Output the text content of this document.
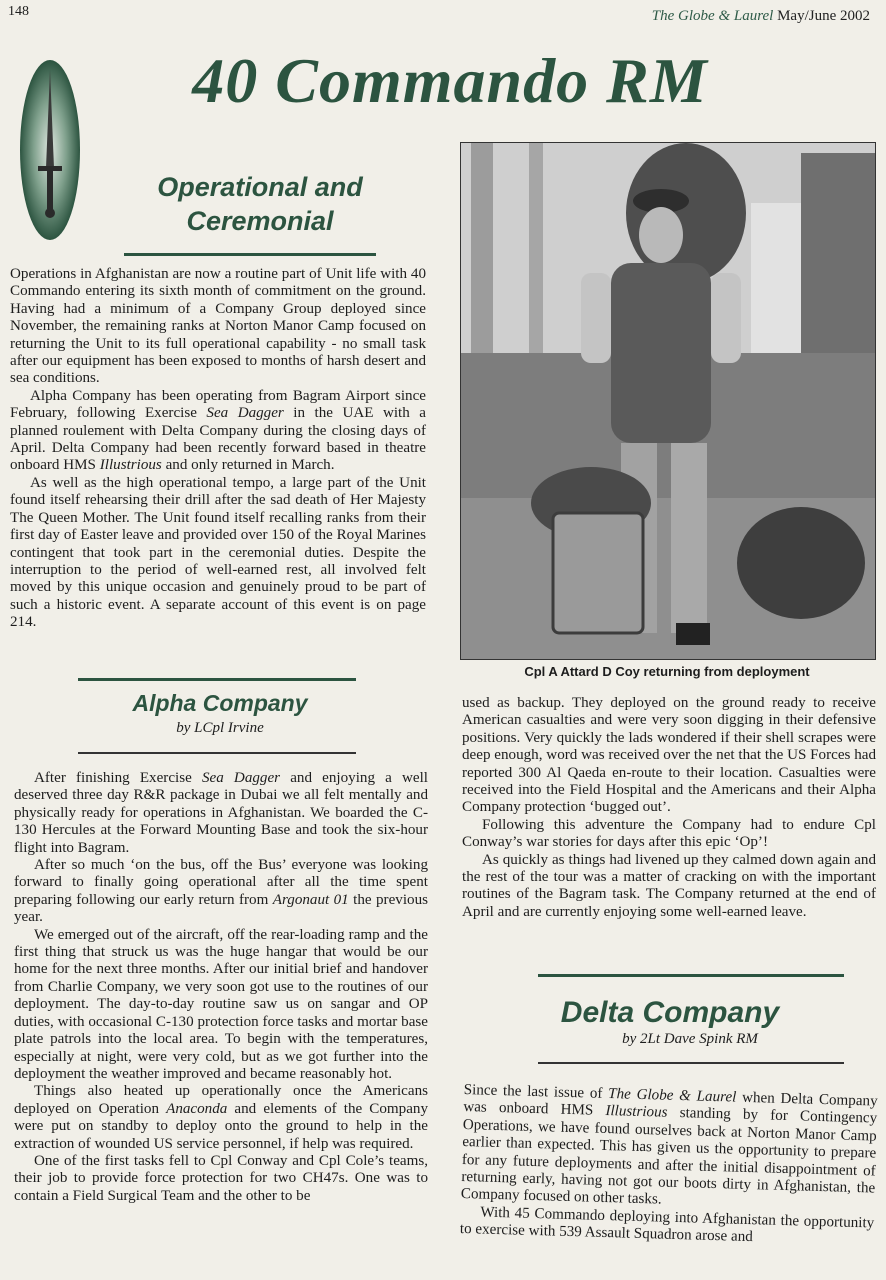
148	The Globe & Laurel May/June 2002
40 Commando RM
Operational and
Ceremonial

Operations in Afghanistan are now a routine part of Unit life with 40 Commando entering its sixth month of commitment on the ground. Having had a minimum of a Company Group deployed since November, the remaining ranks at Norton Manor Camp focused on returning the Unit to its full operational capability - no small task after our equipment has been exposed to months of harsh desert and sea conditions.

Alpha Company has been operating from Bagram Airport since February, following Exercise Sea Dagger in the UAE with a planned roulement with Delta Company during the closing days of April. Delta Company had been recently forward based in theatre onboard HMS Illustrious and only returned in March.

As well as the high operational tempo, a large part of the Unit found itself rehearsing their drill after the sad death of Her Majesty The Queen Mother. The Unit found itself recalling ranks from their first day of Easter leave and provided over 150 of the Royal Marines contingent that took part in the ceremonial duties. Despite the interruption to the period of well-earned rest, all involved felt moved by this unique occasion and genuinely proud to be part of such a historic event. A separate account of this event is on page 214.

Alpha Company

by LCpl Irvine

After finishing Exercise Sea Dagger and enjoying a well deserved three day R&R package in Dubai we all felt mentally and physically ready for operations in Afghanistan. We boarded the C-130 Hercules at the Forward Mounting Base and took the six-hour flight into Bagram.

After so much ‘on the bus, off the Bus’ everyone was looking forward to finally going operational after all the time spent preparing following our early return from Argonaut 01 the previous year.

We emerged out of the aircraft, off the rear-loading ramp and the first thing that struck us was the huge hangar that would be our home for the next three months. After our initial brief and handover from Charlie Company, we very soon got use to the routines of our deployment. The day-to-day routine saw us on sangar and OP duties, with occasional C-130 protection force tasks and mortar base plate patrols into the local area. To begin with the temperatures, especially at night, were very cold, but as we got further into the deployment the weather improved and became reasonably hot.

Things also heated up operationally once the Americans deployed on Operation Anaconda and elements of the Company were put on standby to deploy onto the ground to help in the extraction of wounded US service personnel, if help was required.

One of the first tasks fell to Cpl Conway and Cpl Cole’s teams, their job to provide force protection for two CH47s. One was to contain a Field Surgical Team and the other to be

Cpl A Attard D Coy returning from deployment

used as backup. They deployed on the ground ready to receive American casualties and were very soon digging in their defensive positions. Very quickly the lads wondered if their shell scrapes were deep enough, word was received over the net that the US Forces had reported 300 Al Qaeda en-route to their location. Casualties were received into the Field Hospital and the Americans and their Alpha Company protection ‘bugged out’.

Following this adventure the Company had to endure Cpl Conway’s war stories for days after this epic ‘Op’!

As quickly as things had livened up they calmed down again and the rest of the tour was a matter of cracking on with the important routines of the Bagram task. The Company returned at the end of April and are currently enjoying some well-earned leave.

Delta Company

by 2Lt Dave Spink RM

Since the last issue of The Globe & Laurel when Delta Company was onboard HMS Illustrious standing by for Contingency Operations, we have found ourselves back at Norton Manor Camp earlier than expected. This has given us the opportunity to prepare for any future deployments and after the initial disappointment of returning early, having not got our boots dirty in Afghanistan, the Company focused on other tasks.

With 45 Commando deploying into Afghanistan the opportunity to exercise with 539 Assault Squadron arose and
